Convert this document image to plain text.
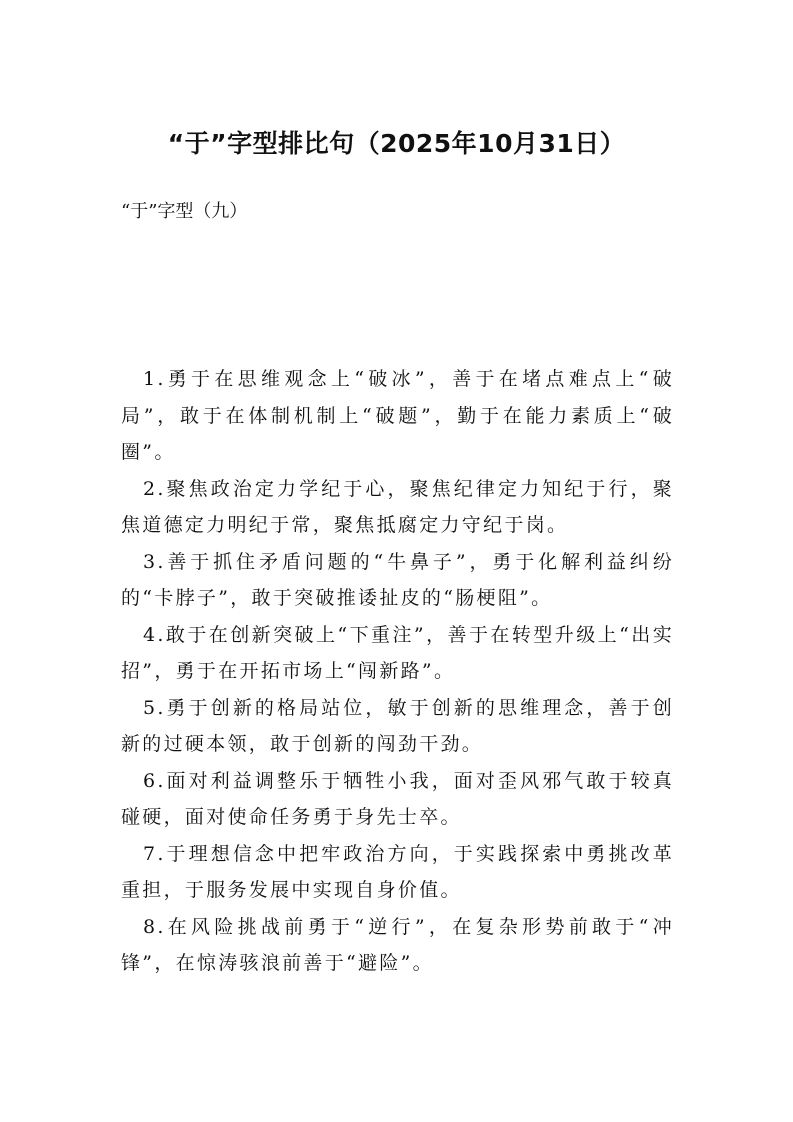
“于”字型排比句（2025年10月31日）
“于”字型（九）
1.勇于在思维观念上“破冰”，善于在堵点难点上“破局”，敢于在体制机制上“破题”，勤于在能力素质上“破圈”。
2.聚焦政治定力学纪于心，聚焦纪律定力知纪于行，聚焦道德定力明纪于常，聚焦抵腐定力守纪于岗。
3.善于抓住矛盾问题的“牛鼻子”，勇于化解利益纠纷的“卡脖子”，敢于突破推诿扯皮的“肠梗阻”。
4.敢于在创新突破上“下重注”，善于在转型升级上“出实招”，勇于在开拓市场上“闯新路”。
5.勇于创新的格局站位，敏于创新的思维理念，善于创新的过硬本领，敢于创新的闯劲干劲。
6.面对利益调整乐于牺牲小我，面对歪风邪气敢于较真碰硬，面对使命任务勇于身先士卒。
7.于理想信念中把牢政治方向，于实践探索中勇挑改革重担，于服务发展中实现自身价值。
8.在风险挑战前勇于“逆行”，在复杂形势前敢于“冲锋”，在惊涛骇浪前善于“避险”。
